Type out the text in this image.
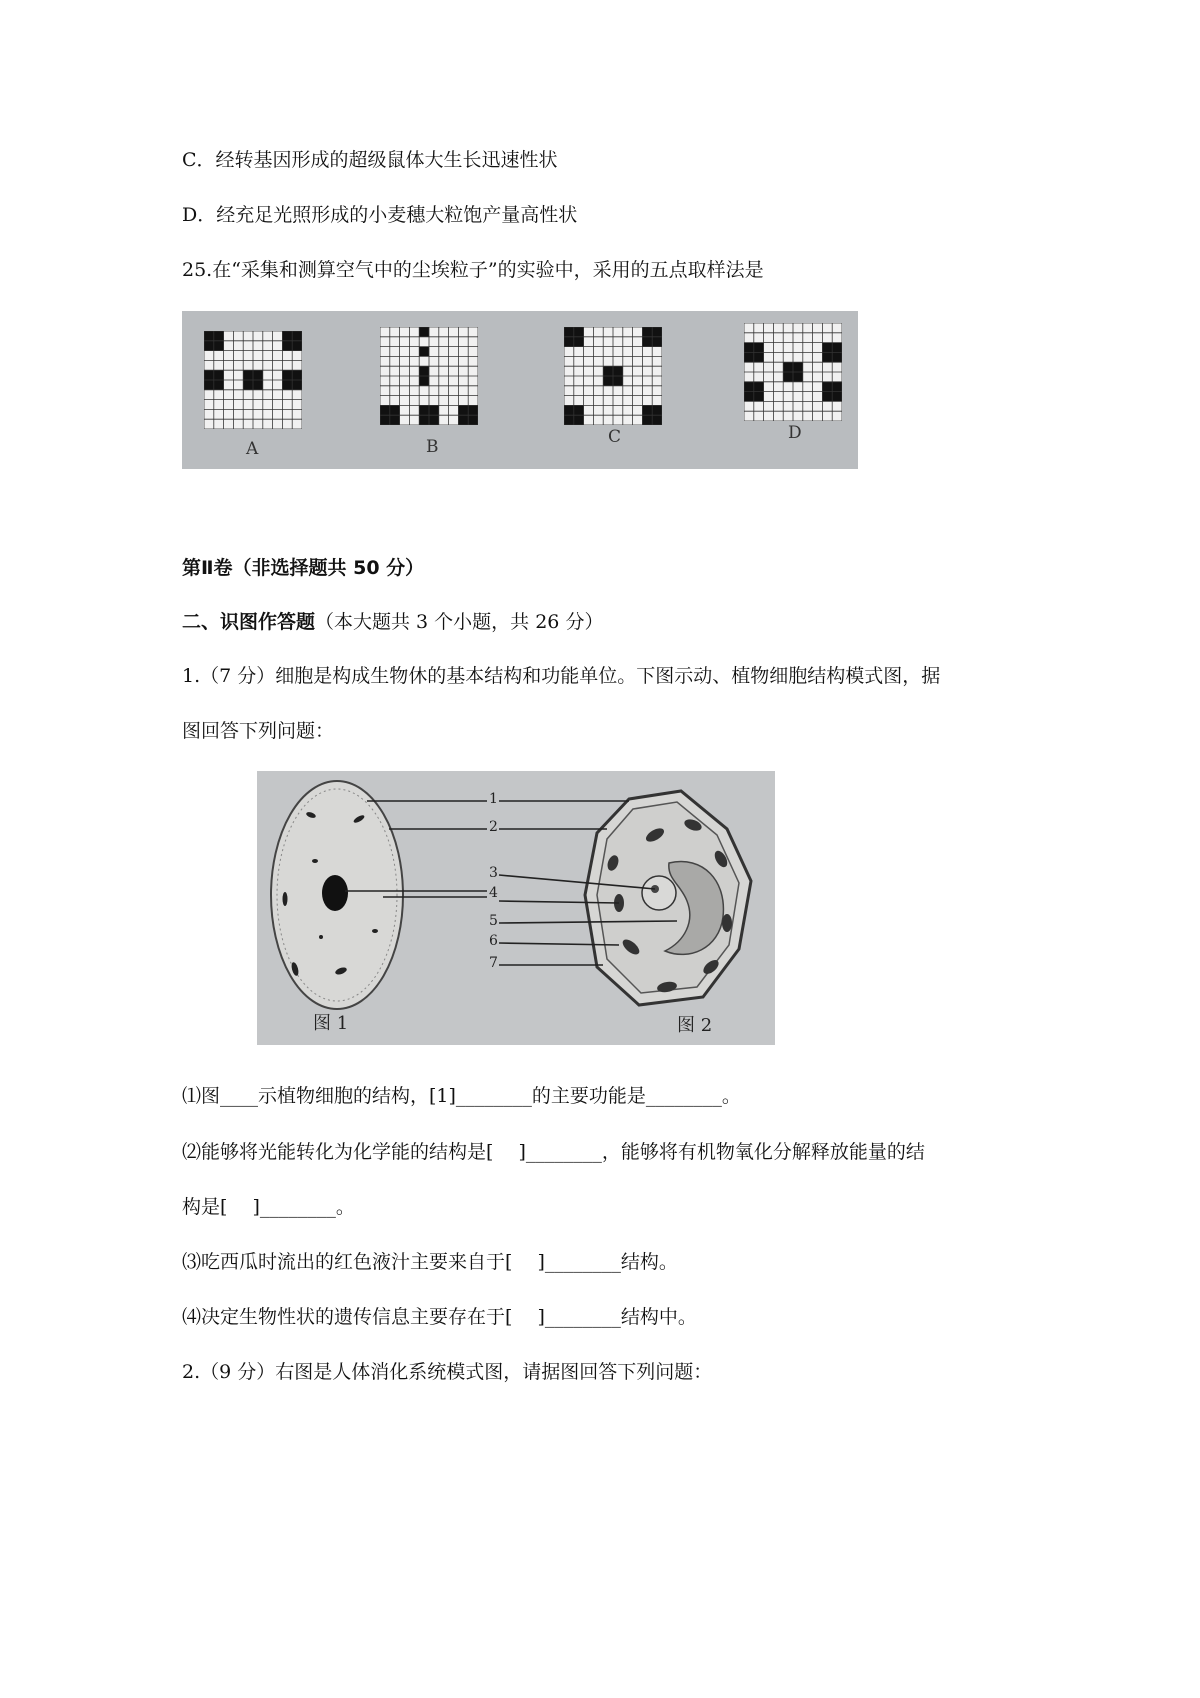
C．经转基因形成的超级鼠体大生长迅速性状
D．经充足光照形成的小麦穗大粒饱产量高性状
25.在“采集和测算空气中的尘埃粒子”的实验中，采用的五点取样法是
A	B	C	D
第Ⅱ卷（非选择题共 50 分）
二、识图作答题（本大题共 3 个小题，共 26 分）
1.（7 分）细胞是构成生物休的基本结构和功能单位。下图示动、植物细胞结构模式图，据
图回答下列问题：
1
2
3
4
5
6
7
图 1	图 2
⑴图____示植物细胞的结构，[1]________的主要功能是________。
⑵能够将光能转化为化学能的结构是[　 ]________，能够将有机物氧化分解释放能量的结
构是[　 ]________。
⑶吃西瓜时流出的红色液汁主要来自于[　 ]________结构。
⑷决定生物性状的遗传信息主要存在于[　 ]________结构中。
2.（9 分）右图是人体消化系统模式图，请据图回答下列问题：
